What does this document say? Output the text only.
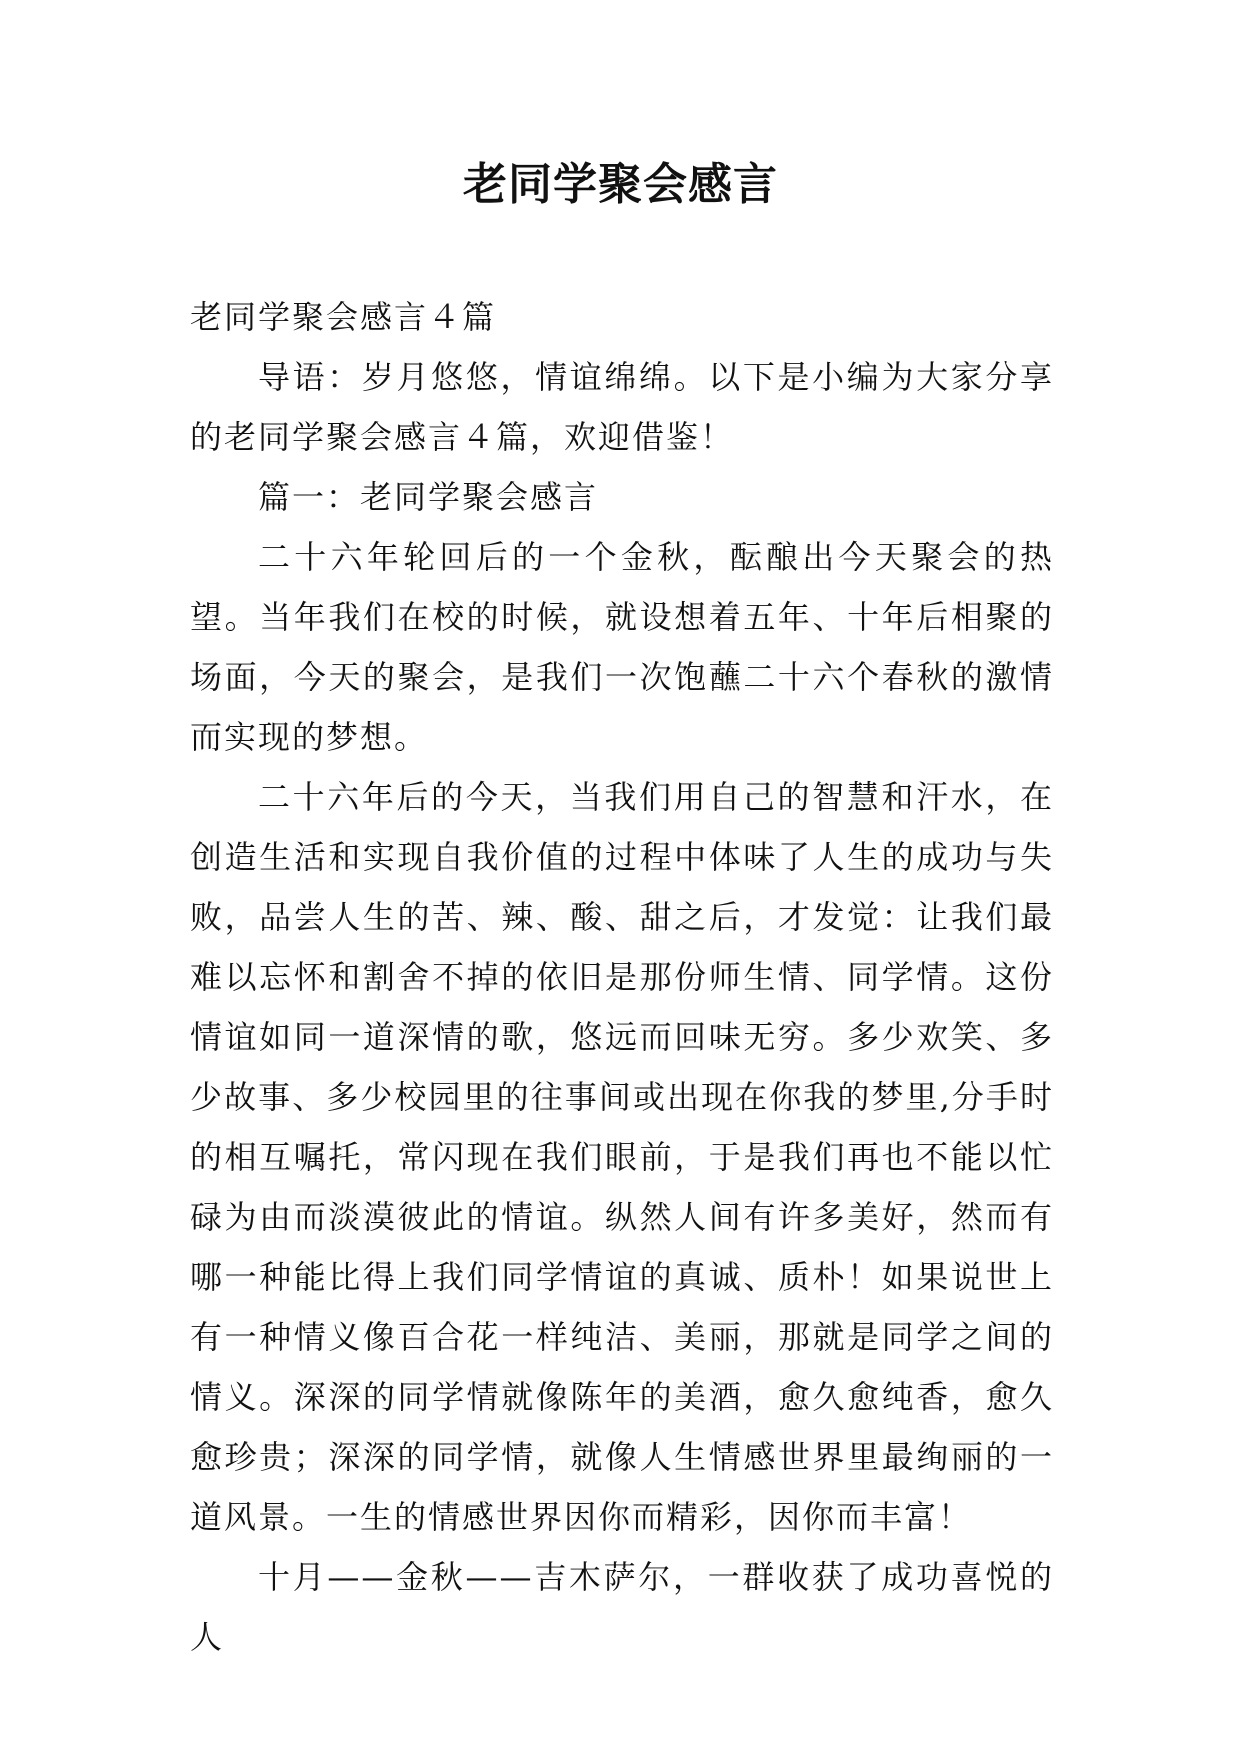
老同学聚会感言

老同学聚会感言４篇

导语：岁月悠悠，情谊绵绵。以下是小编为大家分享的老同学聚会感言４篇，欢迎借鉴！

篇一：老同学聚会感言

二十六年轮回后的一个金秋，酝酿出今天聚会的热望。当年我们在校的时候，就设想着五年、十年后相聚的场面，今天的聚会，是我们一次饱蘸二十六个春秋的激情而实现的梦想。

二十六年后的今天，当我们用自己的智慧和汗水，在创造生活和实现自我价值的过程中体味了人生的成功与失败，品尝人生的苦、辣、酸、甜之后，才发觉：让我们最难以忘怀和割舍不掉的依旧是那份师生情、同学情。这份情谊如同一道深情的歌，悠远而回味无穷。多少欢笑、多少故事、多少校园里的往事间或出现在你我的梦里,分手时的相互嘱托，常闪现在我们眼前，于是我们再也不能以忙碌为由而淡漠彼此的情谊。纵然人间有许多美好，然而有哪一种能比得上我们同学情谊的真诚、质朴！如果说世上有一种情义像百合花一样纯洁、美丽，那就是同学之间的情义。深深的同学情就像陈年的美酒，愈久愈纯香，愈久愈珍贵；深深的同学情，就像人生情感世界里最绚丽的一道风景。一生的情感世界因你而精彩，因你而丰富！

十月——金秋——吉木萨尔，一群收获了成功喜悦的人
